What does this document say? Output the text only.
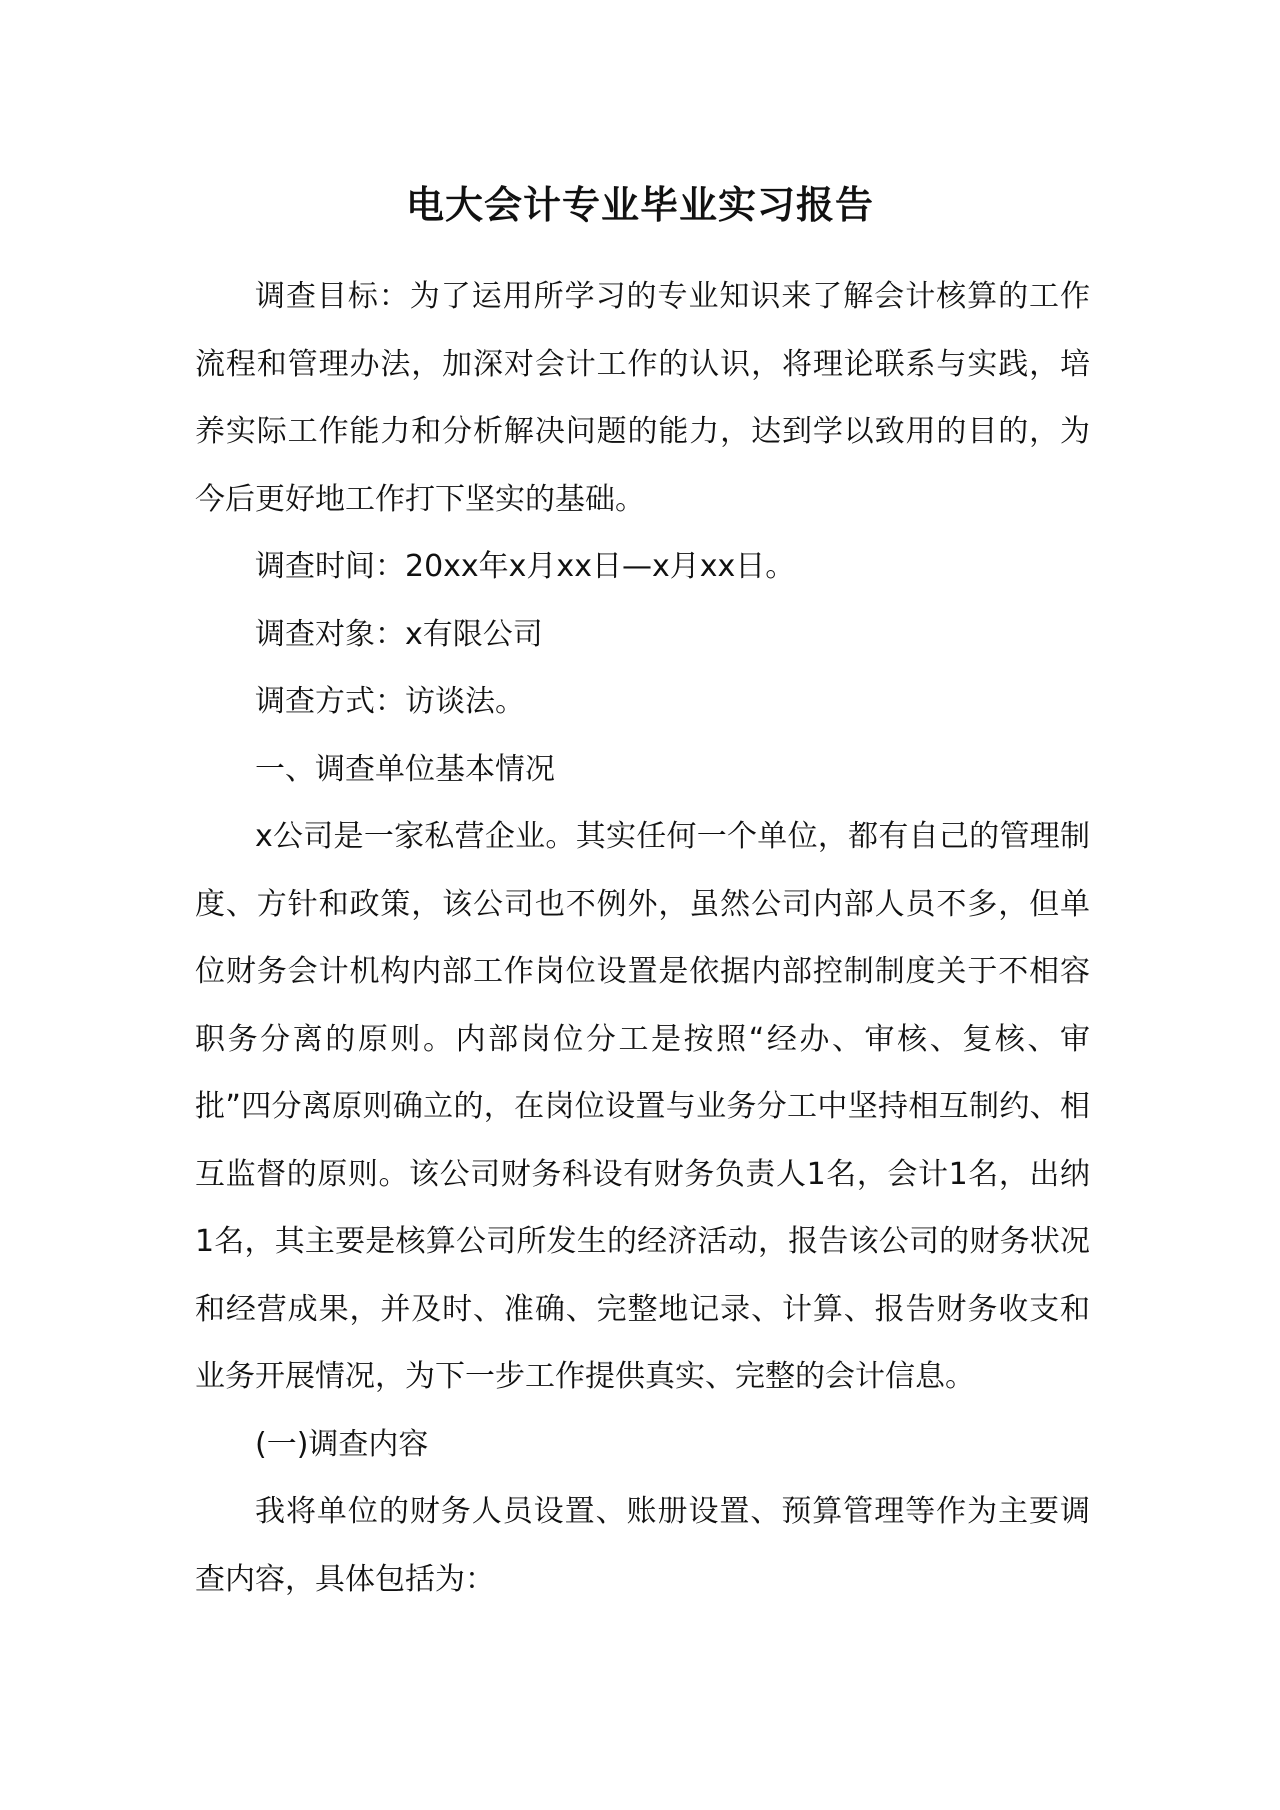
电大会计专业毕业实习报告

调查目标：为了运用所学习的专业知识来了解会计核算的工作流程和管理办法，加深对会计工作的认识，将理论联系与实践，培养实际工作能力和分析解决问题的能力，达到学以致用的目的，为今后更好地工作打下坚实的基础。

调查时间：20xx年x月xx日—x月xx日。

调查对象：x有限公司

调查方式：访谈法。

一、调查单位基本情况

x公司是一家私营企业。其实任何一个单位，都有自己的管理制度、方针和政策，该公司也不例外，虽然公司内部人员不多，但单位财务会计机构内部工作岗位设置是依据内部控制制度关于不相容职务分离的原则。内部岗位分工是按照“经办、审核、复核、审批”四分离原则确立的，在岗位设置与业务分工中坚持相互制约、相互监督的原则。该公司财务科设有财务负责人1名，会计1名，出纳1名，其主要是核算公司所发生的经济活动，报告该公司的财务状况和经营成果，并及时、准确、完整地记录、计算、报告财务收支和业务开展情况，为下一步工作提供真实、完整的会计信息。

(一)调查内容

我将单位的财务人员设置、账册设置、预算管理等作为主要调查内容，具体包括为：
